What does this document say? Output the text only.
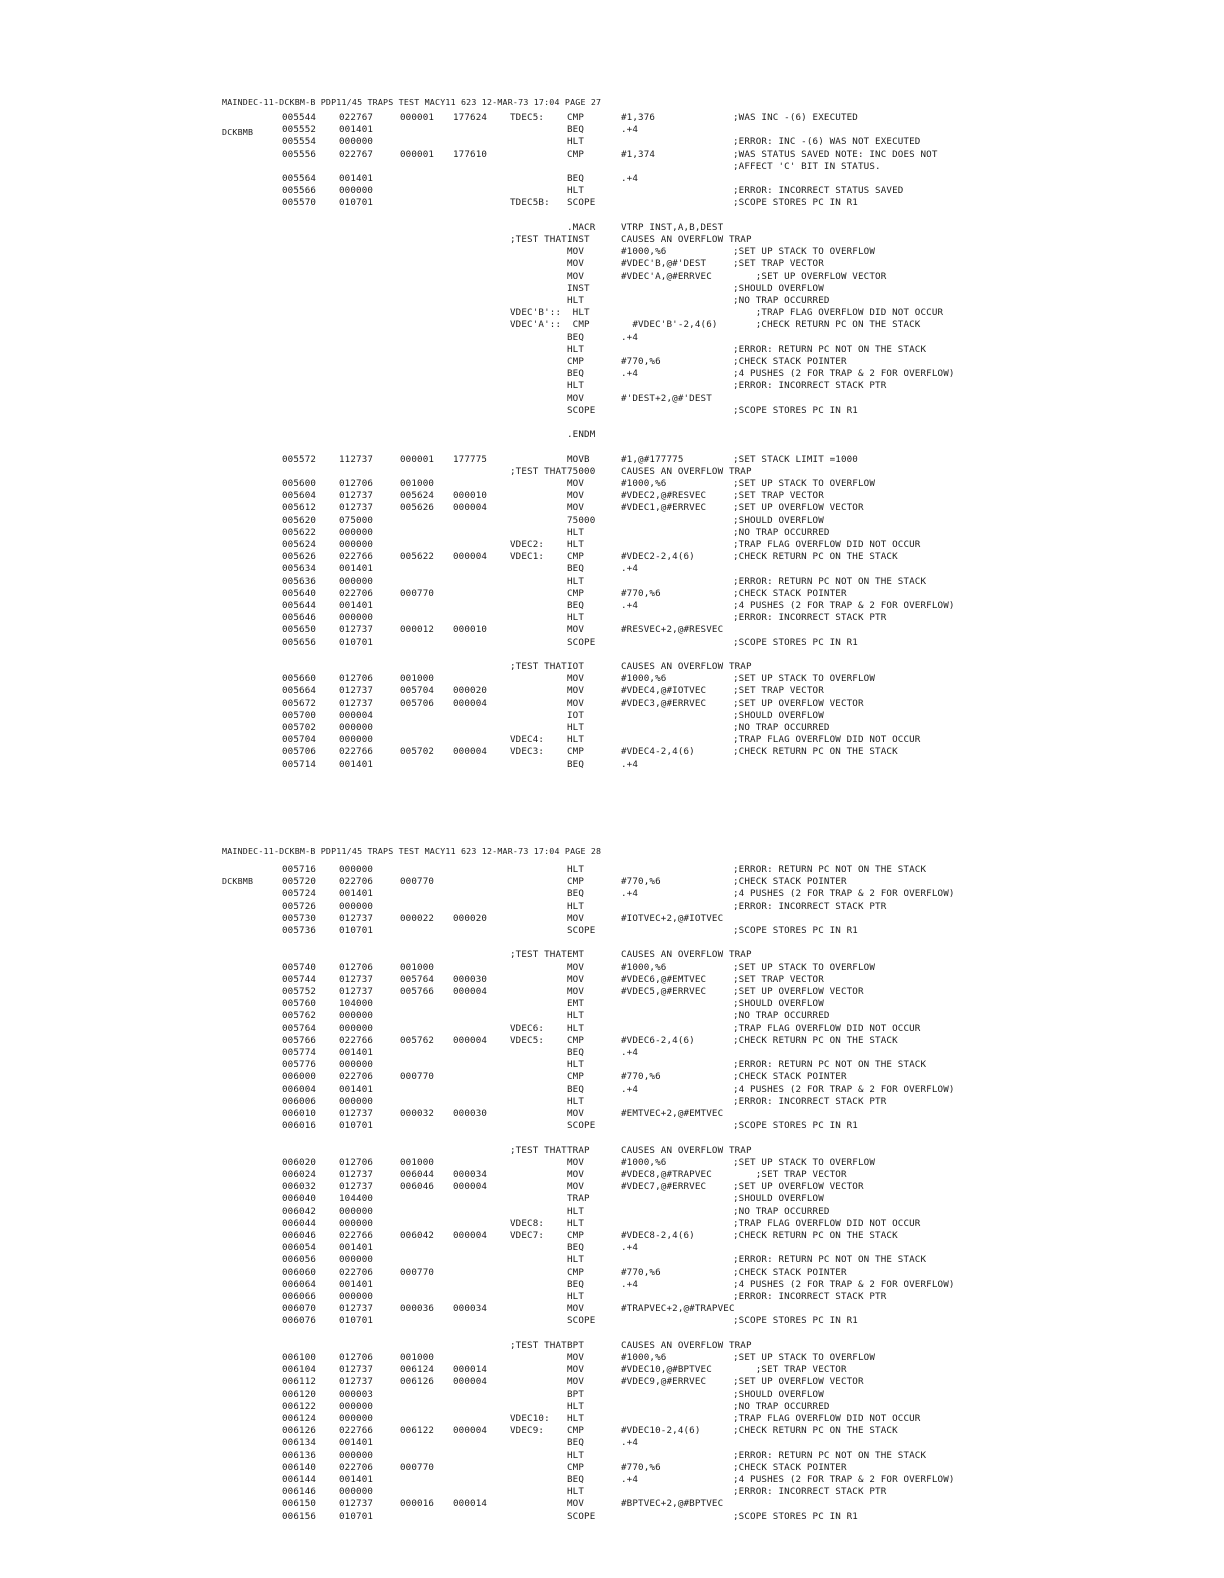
MAINDEC-11-DCKBM-B PDP11/45 TRAPS TEST MACY11 623 12-MAR-73 17:04 PAGE 27

DCKBMB

005544 022767	000001 177624 TDEC5: CMP	#1,376	;WAS INC -(6) EXECUTED
005552 001401	BEQ	.+4
005554 000000	HLT	;ERROR: INC -(6) WAS NOT EXECUTED
005556 022767	000001 177610	CMP	#1,374	;WAS STATUS SAVED NOTE: INC DOES NOT
;AFFECT 'C' BIT IN STATUS.
005564 001401	BEQ	.+4
005566 000000	HLT	;ERROR: INCORRECT STATUS SAVED
005570 010701	TDEC5B: SCOPE	;SCOPE STORES PC IN R1
.MACR	VTRP INST,A,B,DEST
;TEST THAT INST	CAUSES AN OVERFLOW TRAP
MOV	#1000,%6	;SET UP STACK TO OVERFLOW
MOV	#VDEC'B,@#'DEST	;SET TRAP VECTOR
MOV	#VDEC'A,@#ERRVEC ;SET UP OVERFLOW VECTOR
INST	;SHOULD OVERFLOW
HLT	;NO TRAP OCCURRED
VDEC'B':: HLT	;TRAP FLAG OVERFLOW DID NOT OCCUR
VDEC'A':: CMP	#VDEC'B'-2,4(6) ;CHECK RETURN PC ON THE STACK
BEQ	.+4
HLT	;ERROR: RETURN PC NOT ON THE STACK
CMP	#770,%6	;CHECK STACK POINTER
BEQ	.+4	;4 PUSHES (2 FOR TRAP & 2 FOR OVERFLOW)
HLT	;ERROR: INCORRECT STACK PTR
MOV	#'DEST+2,@#'DEST
SCOPE	;SCOPE STORES PC IN R1
.ENDM
005572 112737	000001 177775	MOVB	#1,@#177775	;SET STACK LIMIT =1000
;TEST THAT 75000	CAUSES AN OVERFLOW TRAP
005600 012706	001000	MOV	#1000,%6	;SET UP STACK TO OVERFLOW
005604 012737	005624 000010	MOV	#VDEC2,@#RESVEC	;SET TRAP VECTOR
005612 012737	005626 000004	MOV	#VDEC1,@#ERRVEC	;SET UP OVERFLOW VECTOR
005620 075000	75000	;SHOULD OVERFLOW
005622 000000	HLT	;NO TRAP OCCURRED
005624 000000	VDEC2: HLT	;TRAP FLAG OVERFLOW DID NOT OCCUR
005626 022766	005622 000004 VDEC1: CMP	#VDEC2-2,4(6)	;CHECK RETURN PC ON THE STACK
005634 001401	BEQ	.+4
005636 000000	HLT	;ERROR: RETURN PC NOT ON THE STACK
005640 022706	000770	CMP	#770,%6	;CHECK STACK POINTER
005644 001401	BEQ	.+4	;4 PUSHES (2 FOR TRAP & 2 FOR OVERFLOW)
005646 000000	HLT	;ERROR: INCORRECT STACK PTR
005650 012737	000012 000010	MOV	#RESVEC+2,@#RESVEC
005656 010701	SCOPE	;SCOPE STORES PC IN R1
;TEST THAT IOT	CAUSES AN OVERFLOW TRAP
005660 012706	001000	MOV	#1000,%6	;SET UP STACK TO OVERFLOW
005664 012737	005704 000020	MOV	#VDEC4,@#IOTVEC	;SET TRAP VECTOR
005672 012737	005706 000004	MOV	#VDEC3,@#ERRVEC	;SET UP OVERFLOW VECTOR
005700 000004	IOT	;SHOULD OVERFLOW
005702 000000	HLT	;NO TRAP OCCURRED
005704 000000	VDEC4: HLT	;TRAP FLAG OVERFLOW DID NOT OCCUR
005706 022766	005702 000004 VDEC3: CMP	#VDEC4-2,4(6)	;CHECK RETURN PC ON THE STACK
005714 001401	BEQ	.+4

MAINDEC-11-DCKBM-B PDP11/45 TRAPS TEST MACY11 623 12-MAR-73 17:04 PAGE 28

DCKBMB

005716 000000	HLT	;ERROR: RETURN PC NOT ON THE STACK
005720 022706	000770	CMP	#770,%6	;CHECK STACK POINTER
005724 001401	BEQ	.+4	;4 PUSHES (2 FOR TRAP & 2 FOR OVERFLOW)
005726 000000	HLT	;ERROR: INCORRECT STACK PTR
005730 012737	000022 000020	MOV	#IOTVEC+2,@#IOTVEC
005736 010701	SCOPE	;SCOPE STORES PC IN R1
;TEST THAT EMT	CAUSES AN OVERFLOW TRAP
005740 012706	001000	MOV	#1000,%6	;SET UP STACK TO OVERFLOW
005744 012737	005764 000030	MOV	#VDEC6,@#EMTVEC	;SET TRAP VECTOR
005752 012737	005766 000004	MOV	#VDEC5,@#ERRVEC	;SET UP OVERFLOW VECTOR
005760 104000	EMT	;SHOULD OVERFLOW
005762 000000	HLT	;NO TRAP OCCURRED
005764 000000	VDEC6: HLT	;TRAP FLAG OVERFLOW DID NOT OCCUR
005766 022766	005762 000004 VDEC5: CMP	#VDEC6-2,4(6)	;CHECK RETURN PC ON THE STACK
005774 001401	BEQ	.+4
005776 000000	HLT	;ERROR: RETURN PC NOT ON THE STACK
006000 022706	000770	CMP	#770,%6	;CHECK STACK POINTER
006004 001401	BEQ	.+4	;4 PUSHES (2 FOR TRAP & 2 FOR OVERFLOW)
006006 000000	HLT	;ERROR: INCORRECT STACK PTR
006010 012737	000032 000030	MOV	#EMTVEC+2,@#EMTVEC
006016 010701	SCOPE	;SCOPE STORES PC IN R1
;TEST THAT TRAP	CAUSES AN OVERFLOW TRAP
006020 012706	001000	MOV	#1000,%6	;SET UP STACK TO OVERFLOW
006024 012737	006044 000034	MOV	#VDEC8,@#TRAPVEC ;SET TRAP VECTOR
006032 012737	006046 000004	MOV	#VDEC7,@#ERRVEC	;SET UP OVERFLOW VECTOR
006040 104400	TRAP	;SHOULD OVERFLOW
006042 000000	HLT	;NO TRAP OCCURRED
006044 000000	VDEC8: HLT	;TRAP FLAG OVERFLOW DID NOT OCCUR
006046 022766	006042 000004 VDEC7: CMP	#VDEC8-2,4(6)	;CHECK RETURN PC ON THE STACK
006054 001401	BEQ	.+4
006056 000000	HLT	;ERROR: RETURN PC NOT ON THE STACK
006060 022706	000770	CMP	#770,%6	;CHECK STACK POINTER
006064 001401	BEQ	.+4	;4 PUSHES (2 FOR TRAP & 2 FOR OVERFLOW)
006066 000000	HLT	;ERROR: INCORRECT STACK PTR
006070 012737	000036 000034	MOV	#TRAPVEC+2,@#TRAPVEC
006076 010701	SCOPE	;SCOPE STORES PC IN R1
;TEST THAT BPT	CAUSES AN OVERFLOW TRAP
006100 012706	001000	MOV	#1000,%6	;SET UP STACK TO OVERFLOW
006104 012737	006124 000014	MOV	#VDEC10,@#BPTVEC ;SET TRAP VECTOR
006112 012737	006126 000004	MOV	#VDEC9,@#ERRVEC	;SET UP OVERFLOW VECTOR
006120 000003	BPT	;SHOULD OVERFLOW
006122 000000	HLT	;NO TRAP OCCURRED
006124 000000	VDEC10: HLT	;TRAP FLAG OVERFLOW DID NOT OCCUR
006126 022766	006122 000004 VDEC9: CMP	#VDEC10-2,4(6)	;CHECK RETURN PC ON THE STACK
006134 001401	BEQ	.+4
006136 000000	HLT	;ERROR: RETURN PC NOT ON THE STACK
006140 022706	000770	CMP	#770,%6	;CHECK STACK POINTER
006144 001401	BEQ	.+4	;4 PUSHES (2 FOR TRAP & 2 FOR OVERFLOW)
006146 000000	HLT	;ERROR: INCORRECT STACK PTR
006150 012737	000016 000014	MOV	#BPTVEC+2,@#BPTVEC
006156 010701	SCOPE	;SCOPE STORES PC IN R1
